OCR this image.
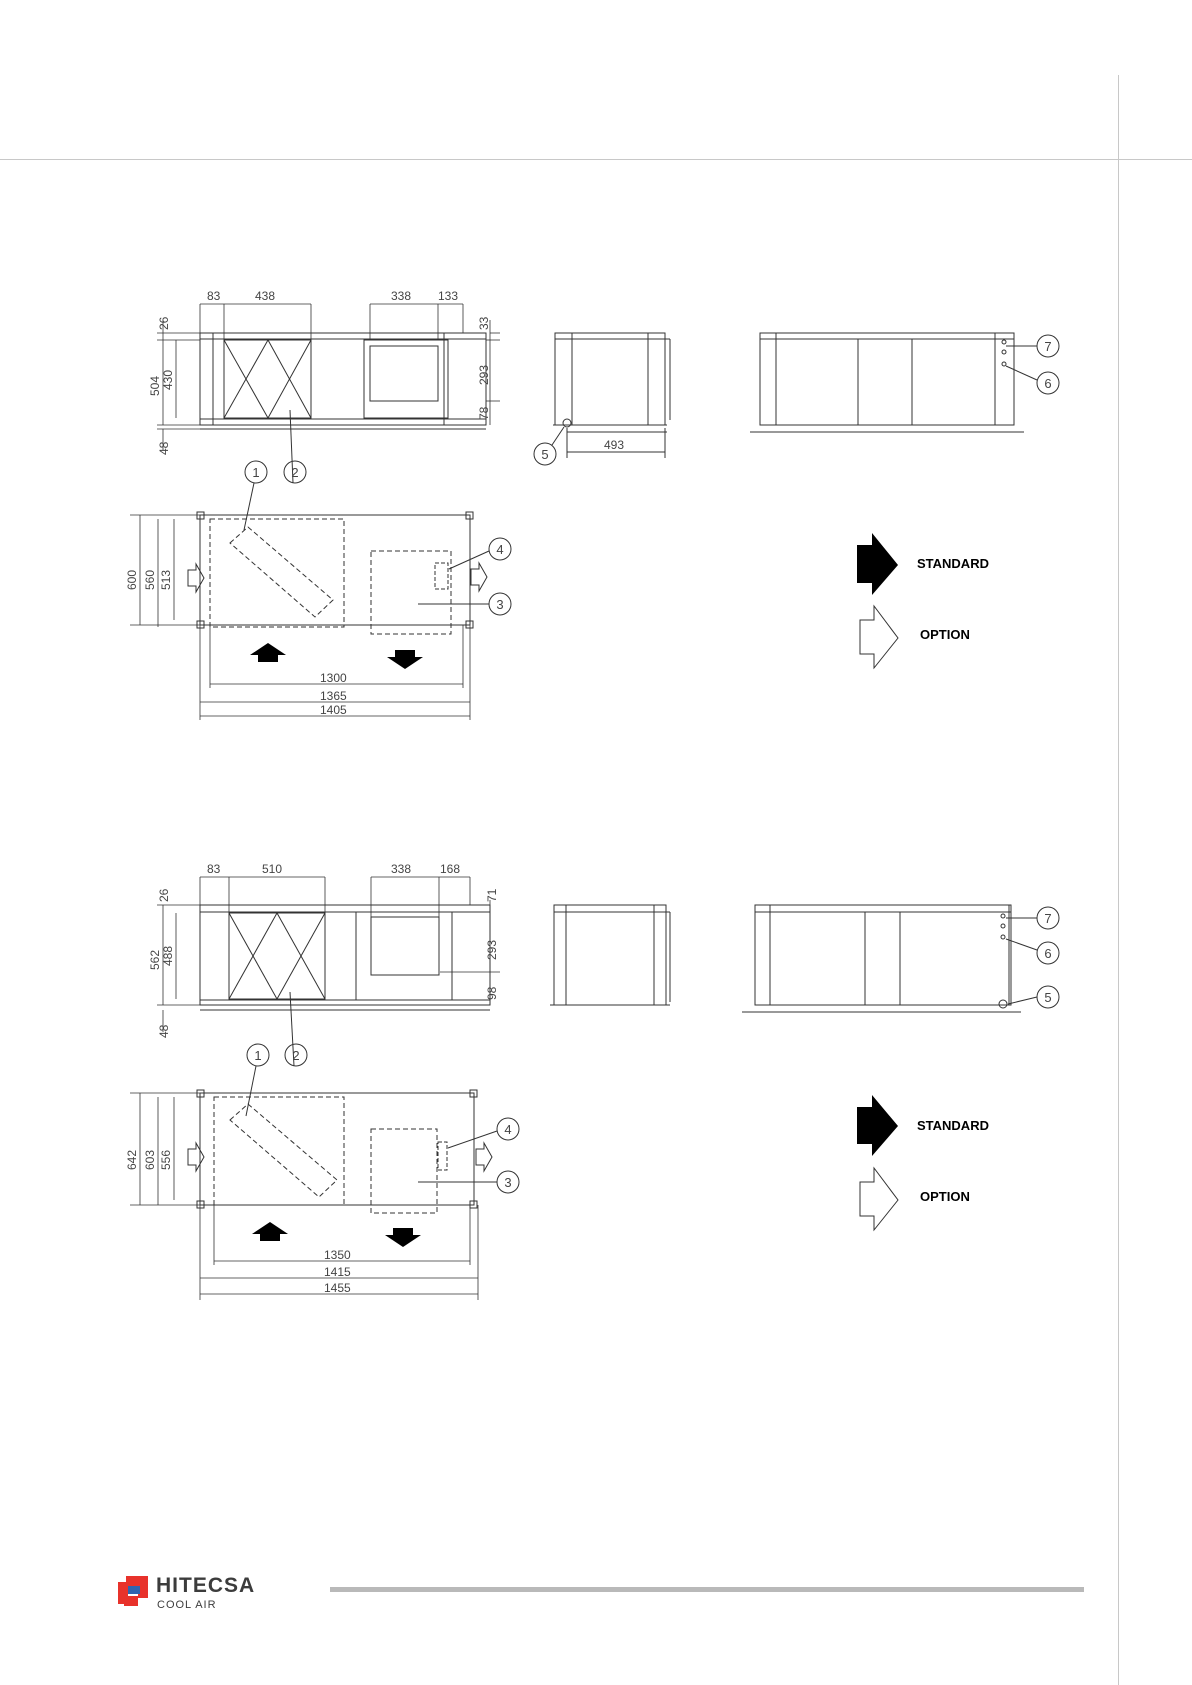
83	438	338 133
26
504 430
48
33
293
78
493
600 560 513
1300
1365
1405
1 2
3
4
5
6
7
STANDARD
OPTION
83	510	338 168
26
562 488
48
71
293
98
642 603 556
1350
1415
1455
1 2
3
4
5
6
7
STANDARD
OPTION
HITECSA
COOL AIR
